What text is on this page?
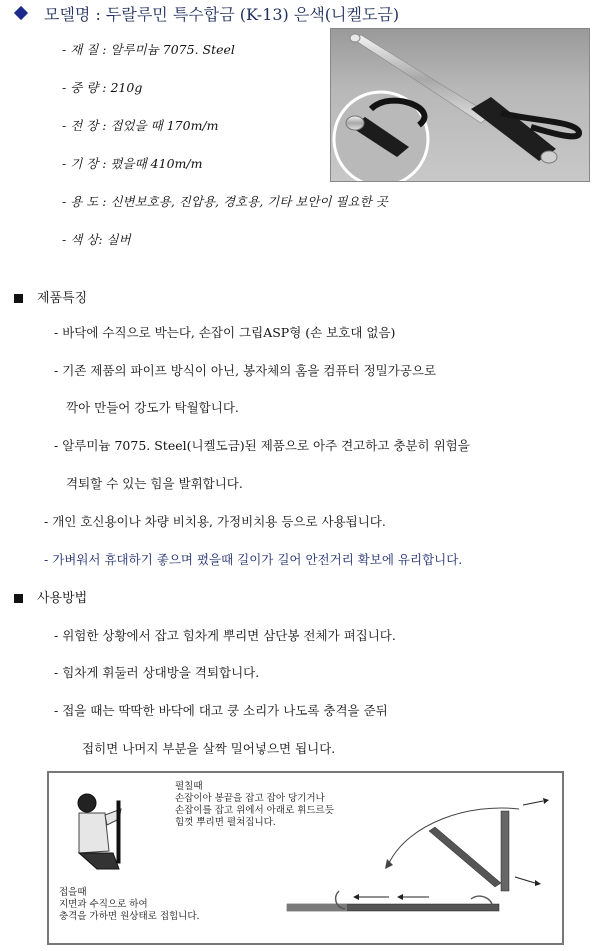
모델명 : 두랄루민 특수합금 (K-13) 은색(니켈도금)
- 재 질 : 알루미늄 7075. Steel
- 중 량 : 210g
- 전 장 : 접었을 때 170m/m
- 기 장 : 폈을때 410m/m
- 용 도 : 신변보호용, 진압용, 경호용, 기타 보안이 필요한 곳
- 색 상: 실버
제품특징
- 바닥에 수직으로 박는다, 손잡이 그립ASP형 (손 보호대 없음)
- 기존 제품의 파이프 방식이 아닌, 봉자체의 홈을 컴퓨터 정밀가공으로
깍아 만들어 강도가 탁월합니다.
- 알루미늄 7075. Steel(니켈도금)된 제품으로 아주 견고하고 충분히 위험을
격퇴할 수 있는 힘을 발휘합니다.
- 개인 호신용이나 차량 비치용, 가정비치용 등으로 사용됩니다.
- 가벼워서 휴대하기 좋으며 폈을때 길이가 길어 안전거리 확보에 유리합니다.
사용방법
- 위험한 상황에서 잡고 힘차게 뿌리면 삼단봉 전체가 펴집니다.
- 힘차게 휘둘러 상대방을 격퇴합니다.
- 접을 때는 딱딱한 바닥에 대고 쿵 소리가 나도록 충격을 준뒤
접히면 나머지 부분을 살짝 밀어넣으면 됩니다.
펼칠때
손잡이아 봉끝을 잡고 잡아 당기거나
손잡이를 잡고 위에서 아래로 휘드르듯
힘껏 뿌리면 펼쳐집니다.
접을때
지면과 수직으로 하여
충격을 가하면 원상태로 접힙니다.
